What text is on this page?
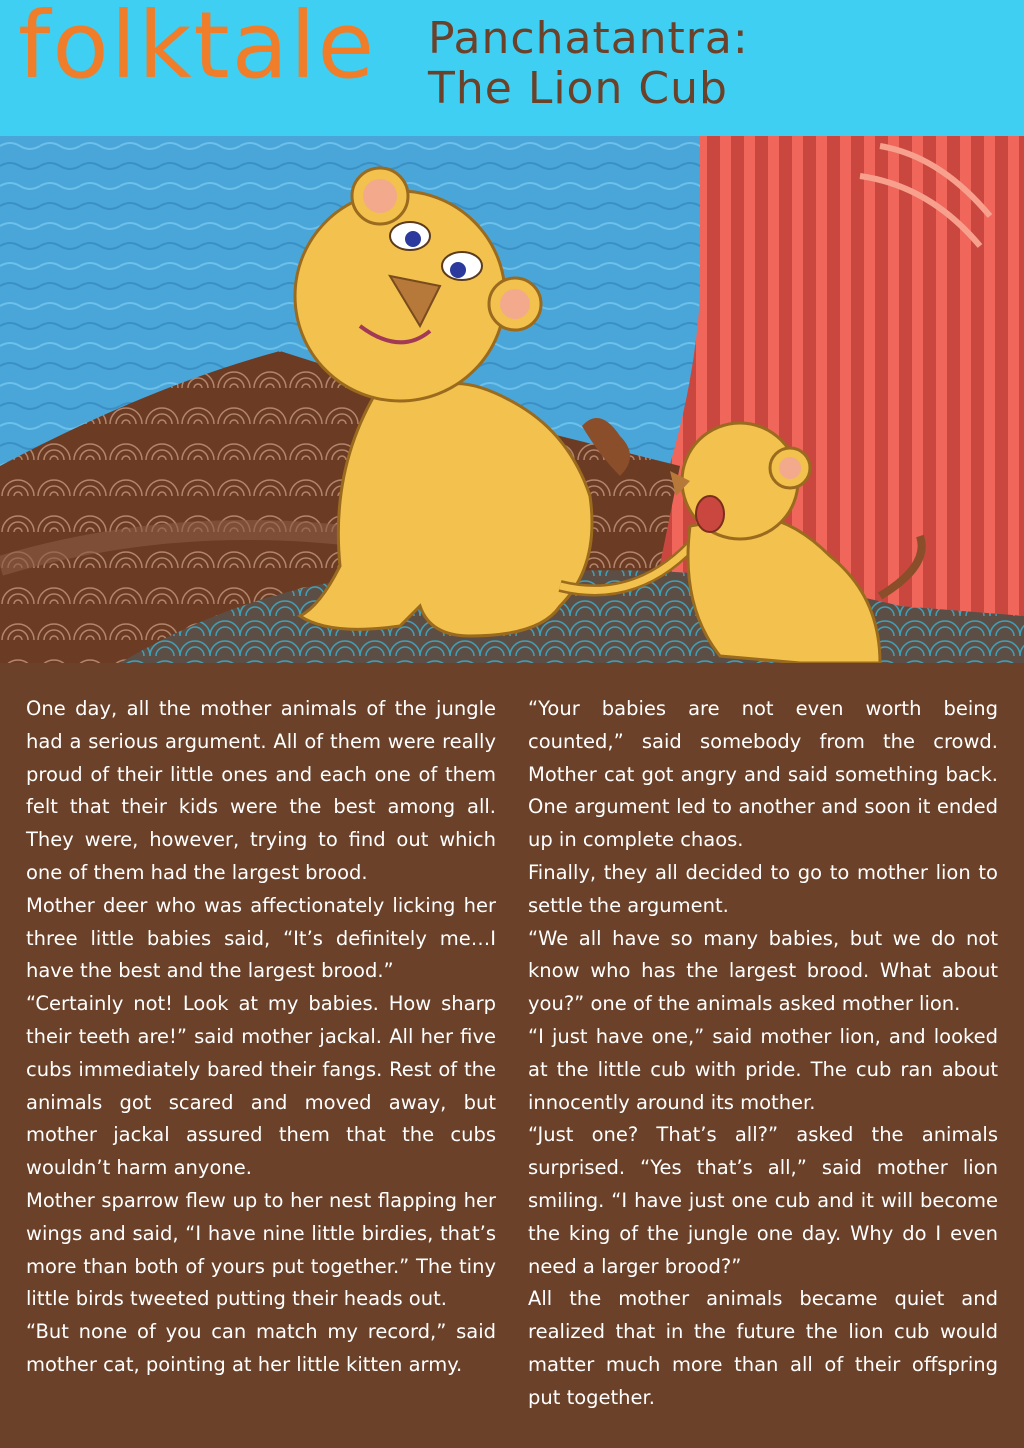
folktale Panchatantra:
The Lion Cub

One day, all the mother animals of the jungle had a serious argument. All of them were really proud of their little ones and each one of them felt that their kids were the best among all. They were, however, trying to find out which one of them had the largest brood.

Mother deer who was affectionately licking her three little babies said, “It’s definitely me…I have the best and the largest brood.”

“Certainly not! Look at my babies. How sharp their teeth are!” said mother jackal. All her five cubs immediately bared their fangs. Rest of the animals got scared and moved away, but mother jackal assured them that the cubs wouldn’t harm anyone.

Mother sparrow flew up to her nest flapping her wings and said, “I have nine little birdies, that’s more than both of yours put together.” The tiny little birds tweeted putting their heads out.

“But none of you can match my record,” said mother cat, pointing at her little kitten army.

“Your babies are not even worth being counted,” said somebody from the crowd. Mother cat got angry and said something back. One argument led to another and soon it ended up in complete chaos.

Finally, they all decided to go to mother lion to settle the argument.

“We all have so many babies, but we do not know who has the largest brood. What about you?” one of the animals asked mother lion.

“I just have one,” said mother lion, and looked at the little cub with pride. The cub ran about innocently around its mother.

“Just one? That’s all?” asked the animals surprised. “Yes that’s all,” said mother lion smiling. “I have just one cub and it will become the king of the jungle one day. Why do I even need a larger brood?”

All the mother animals became quiet and realized that in the future the lion cub would matter much more than all of their offspring put together.
